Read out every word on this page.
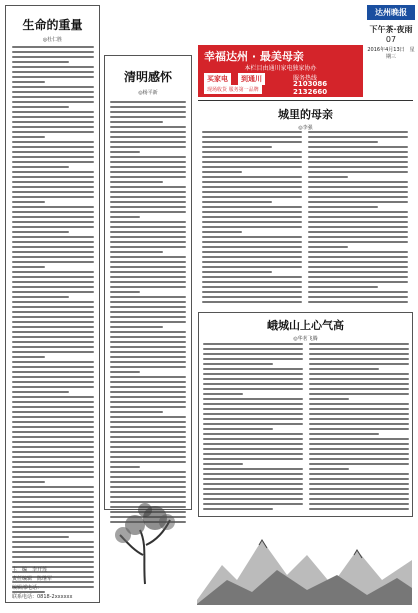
生命的重量
◎杜仁胜
主　编　李开莲
责任编辑　陈继军
编辑部电话：
联系电话：0818-2xxxxxx
清明感怀
◎杨平新
幸福达州 · 最美母亲
本栏目由通川家电独家协办
买家电	到通川
现场收货 服务第一品牌
服务热线
2103086
2132660
达州晚报
下午茶·夜雨
07
2016年4月13日　星期三
城里的母亲
◎李强
峨城山上心气高
◎华茗飞腾
